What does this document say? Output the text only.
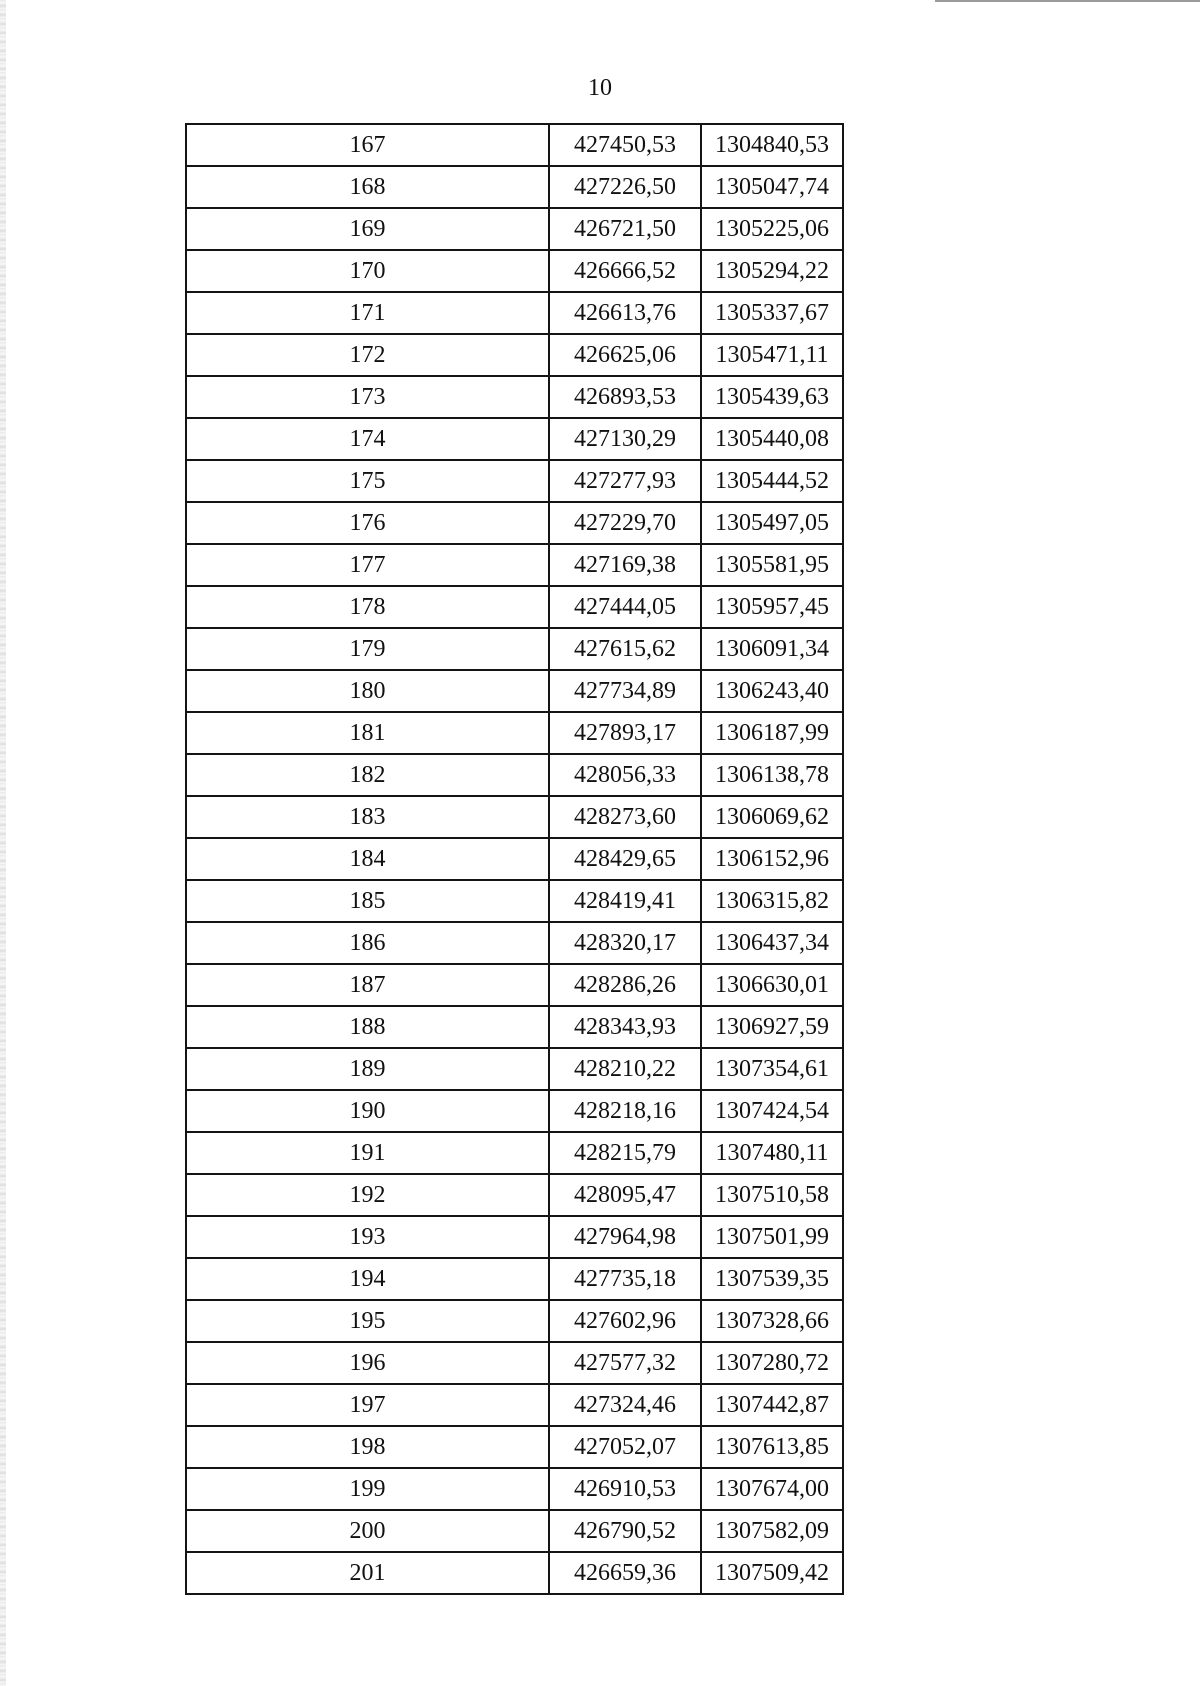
10
167	427450,53	1304840,53
168	427226,50	1305047,74
169	426721,50	1305225,06
170	426666,52	1305294,22
171	426613,76	1305337,67
172	426625,06	1305471,11
173	426893,53	1305439,63
174	427130,29	1305440,08
175	427277,93	1305444,52
176	427229,70	1305497,05
177	427169,38	1305581,95
178	427444,05	1305957,45
179	427615,62	1306091,34
180	427734,89	1306243,40
181	427893,17	1306187,99
182	428056,33	1306138,78
183	428273,60	1306069,62
184	428429,65	1306152,96
185	428419,41	1306315,82
186	428320,17	1306437,34
187	428286,26	1306630,01
188	428343,93	1306927,59
189	428210,22	1307354,61
190	428218,16	1307424,54
191	428215,79	1307480,11
192	428095,47	1307510,58
193	427964,98	1307501,99
194	427735,18	1307539,35
195	427602,96	1307328,66
196	427577,32	1307280,72
197	427324,46	1307442,87
198	427052,07	1307613,85
199	426910,53	1307674,00
200	426790,52	1307582,09
201	426659,36	1307509,42
